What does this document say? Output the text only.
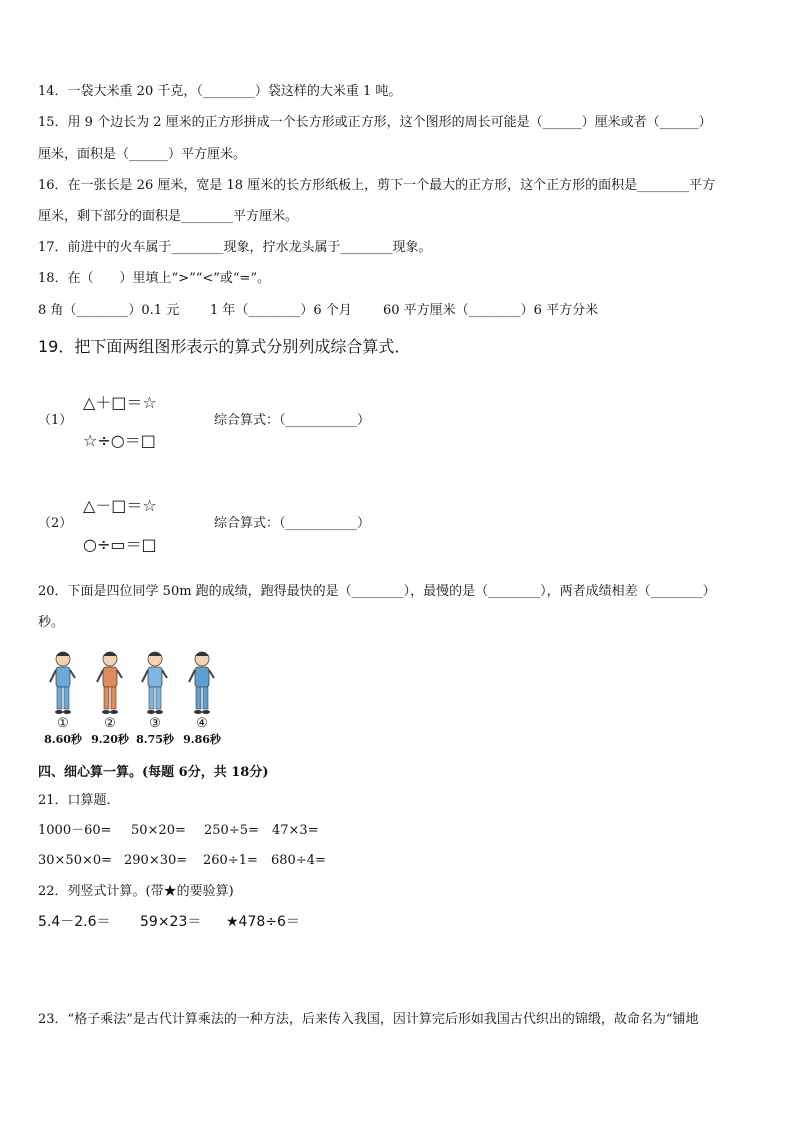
14．一袋大米重 20 千克，（________）袋这样的大米重 1 吨。
15．用 9 个边长为 2 厘米的正方形拼成一个长方形或正方形，这个图形的周长可能是（______）厘米或者（______）
厘米，面积是（______）平方厘米。
16．在一张长是 26 厘米，宽是 18 厘米的长方形纸板上，剪下一个最大的正方形，这个正方形的面积是________平方
厘米，剩下部分的面积是________平方厘米。
17．前进中的火车属于________现象，拧水龙头属于________现象。
18．在（　　）里填上“>”“<”或“=”。
8 角（________）0.1 元 1 年（________）6 个月 60 平方厘米（________）6 平方分米
19．把下面两组图形表示的算式分别列成综合算式．
（1）
△＋□＝☆
☆÷○＝□
综合算式：（___________）
（2）
△－□＝☆
○÷▭＝□
综合算式：（___________）
20．下面是四位同学 50m 跑的成绩，跑得最快的是（________），最慢的是（________），两者成绩相差（________）
秒。
①
8.60秒
②
9.20秒
③
8.75秒
④
9.86秒
四、细心算一算。(每题 6分，共 18分)
21．口算题．
1000－60= 50×20= 250÷5= 47×3=
30×50×0= 290×30= 260÷1= 680÷4=
22．列竖式计算。(带★的要验算)
5.4－2.6＝ 59×23＝ ★478÷6＝
23．“格子乘法”是古代计算乘法的一种方法，后来传入我国，因计算完后形如我国古代织出的锦缎，故命名为“铺地
